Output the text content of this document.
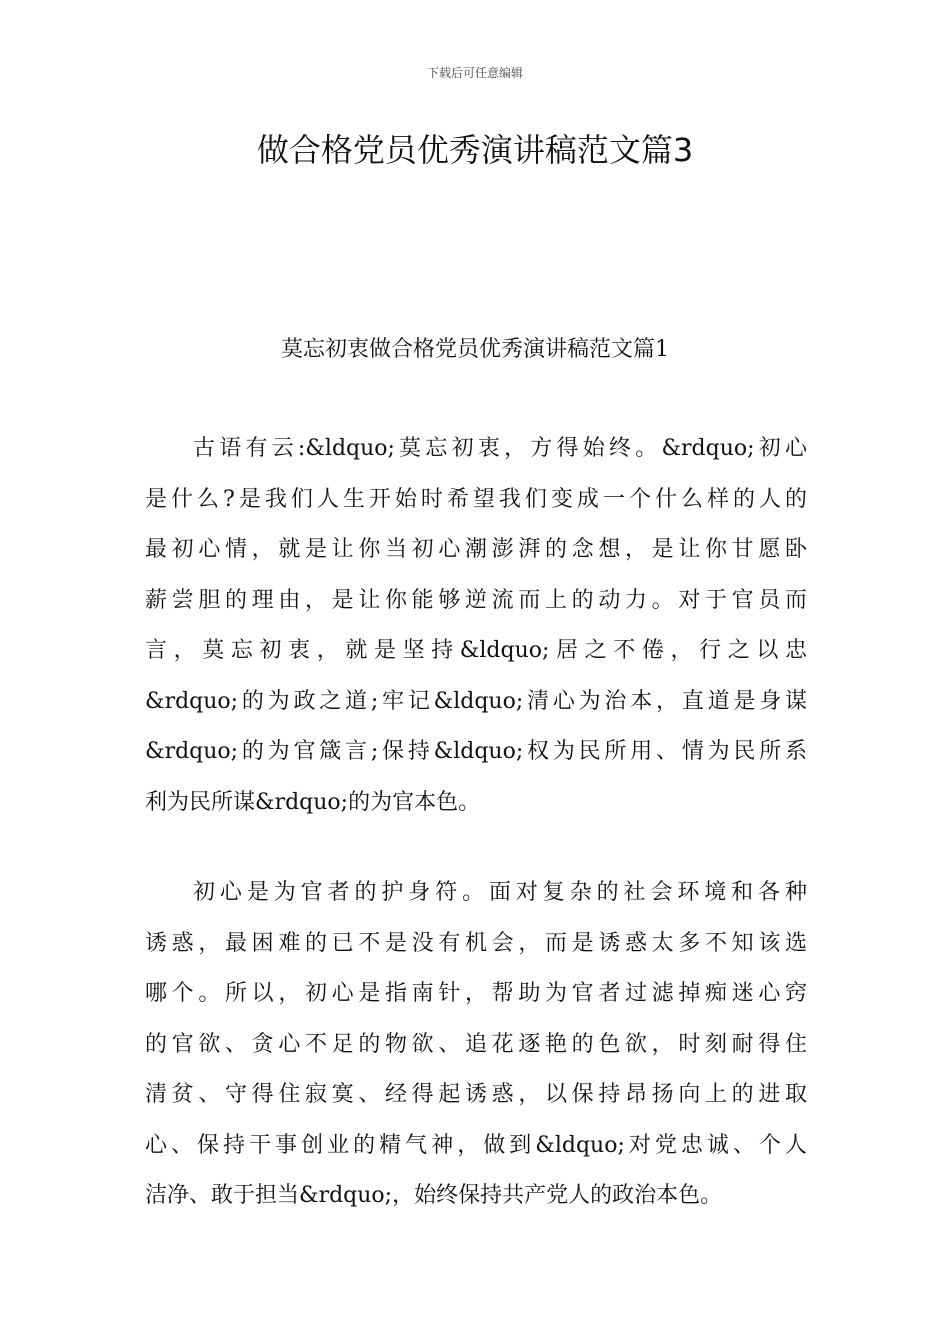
下载后可任意编辑
做合格党员优秀演讲稿范文篇3
莫忘初衷做合格党员优秀演讲稿范文篇1
古语有云:&ldquo;莫忘初衷，方得始终。&rdquo;初心
是什么?是我们人生开始时希望我们变成一个什么样的人的
最初心情，就是让你当初心潮澎湃的念想，是让你甘愿卧
薪尝胆的理由，是让你能够逆流而上的动力。对于官员而
言，莫忘初衷，就是坚持&ldquo;居之不倦，行之以忠
&rdquo;的为政之道;牢记&ldquo;清心为治本，直道是身谋
&rdquo;的为官箴言;保持&ldquo;权为民所用、情为民所系
利为民所谋&rdquo;的为官本色。
初心是为官者的护身符。面对复杂的社会环境和各种
诱惑，最困难的已不是没有机会，而是诱惑太多不知该选
哪个。所以，初心是指南针，帮助为官者过滤掉痴迷心窍
的官欲、贪心不足的物欲、追花逐艳的色欲，时刻耐得住
清贫、守得住寂寞、经得起诱惑，以保持昂扬向上的进取
心、保持干事创业的精气神，做到&ldquo;对党忠诚、个人
洁净、敢于担当&rdquo;，始终保持共产党人的政治本色。
